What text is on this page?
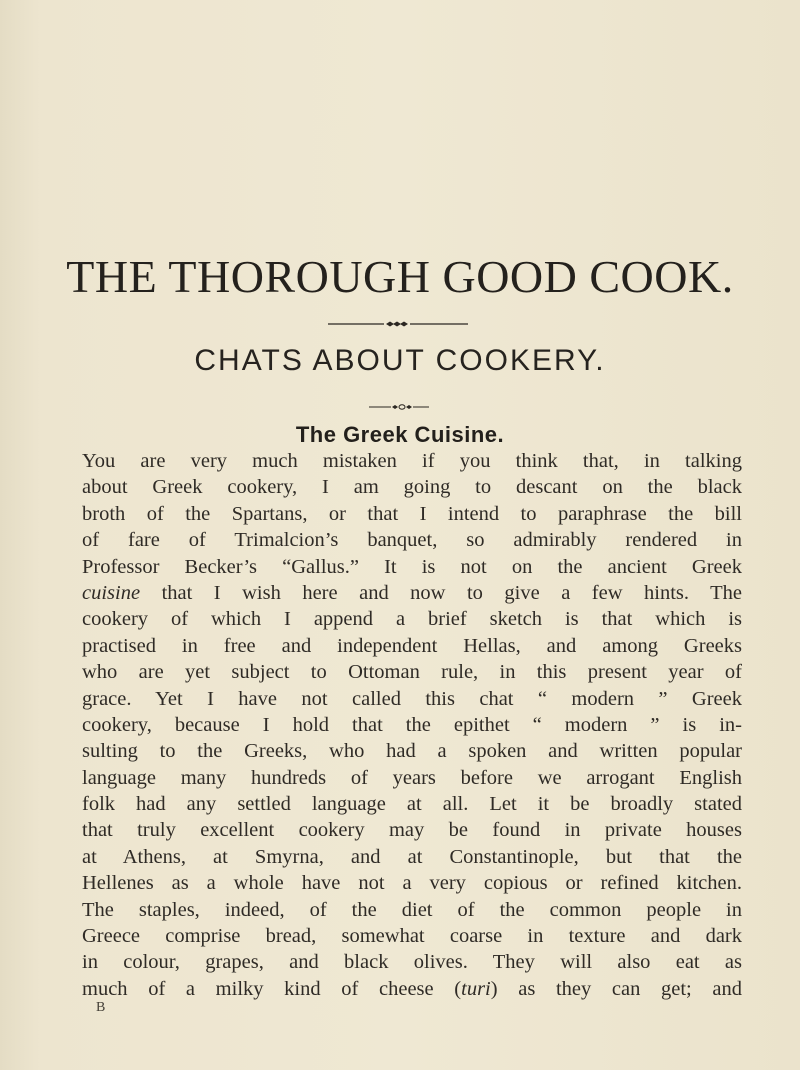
THE THOROUGH GOOD COOK.
CHATS ABOUT COOKERY.
The Greek Cuisine.
You are very much mistaken if you think that, in talking
about Greek cookery, I am going to descant on the black
broth of the Spartans, or that I intend to paraphrase the bill
of fare of Trimalcion’s banquet, so admirably rendered in
Professor Becker’s “Gallus.” It is not on the ancient Greek
cuisine that I wish here and now to give a few hints. The
cookery of which I append a brief sketch is that which is
practised in free and independent Hellas, and among Greeks
who are yet subject to Ottoman rule, in this present year of
grace. Yet I have not called this chat “ modern ” Greek
cookery, because I hold that the epithet “ modern ” is in-
sulting to the Greeks, who had a spoken and written popular
language many hundreds of years before we arrogant English
folk had any settled language at all. Let it be broadly stated
that truly excellent cookery may be found in private houses
at Athens, at Smyrna, and at Constantinople, but that the
Hellenes as a whole have not a very copious or refined kitchen.
The staples, indeed, of the diet of the common people in
Greece comprise bread, somewhat coarse in texture and dark
in colour, grapes, and black olives. They will also eat as
much of a milky kind of cheese (turi) as they can get; and
B
